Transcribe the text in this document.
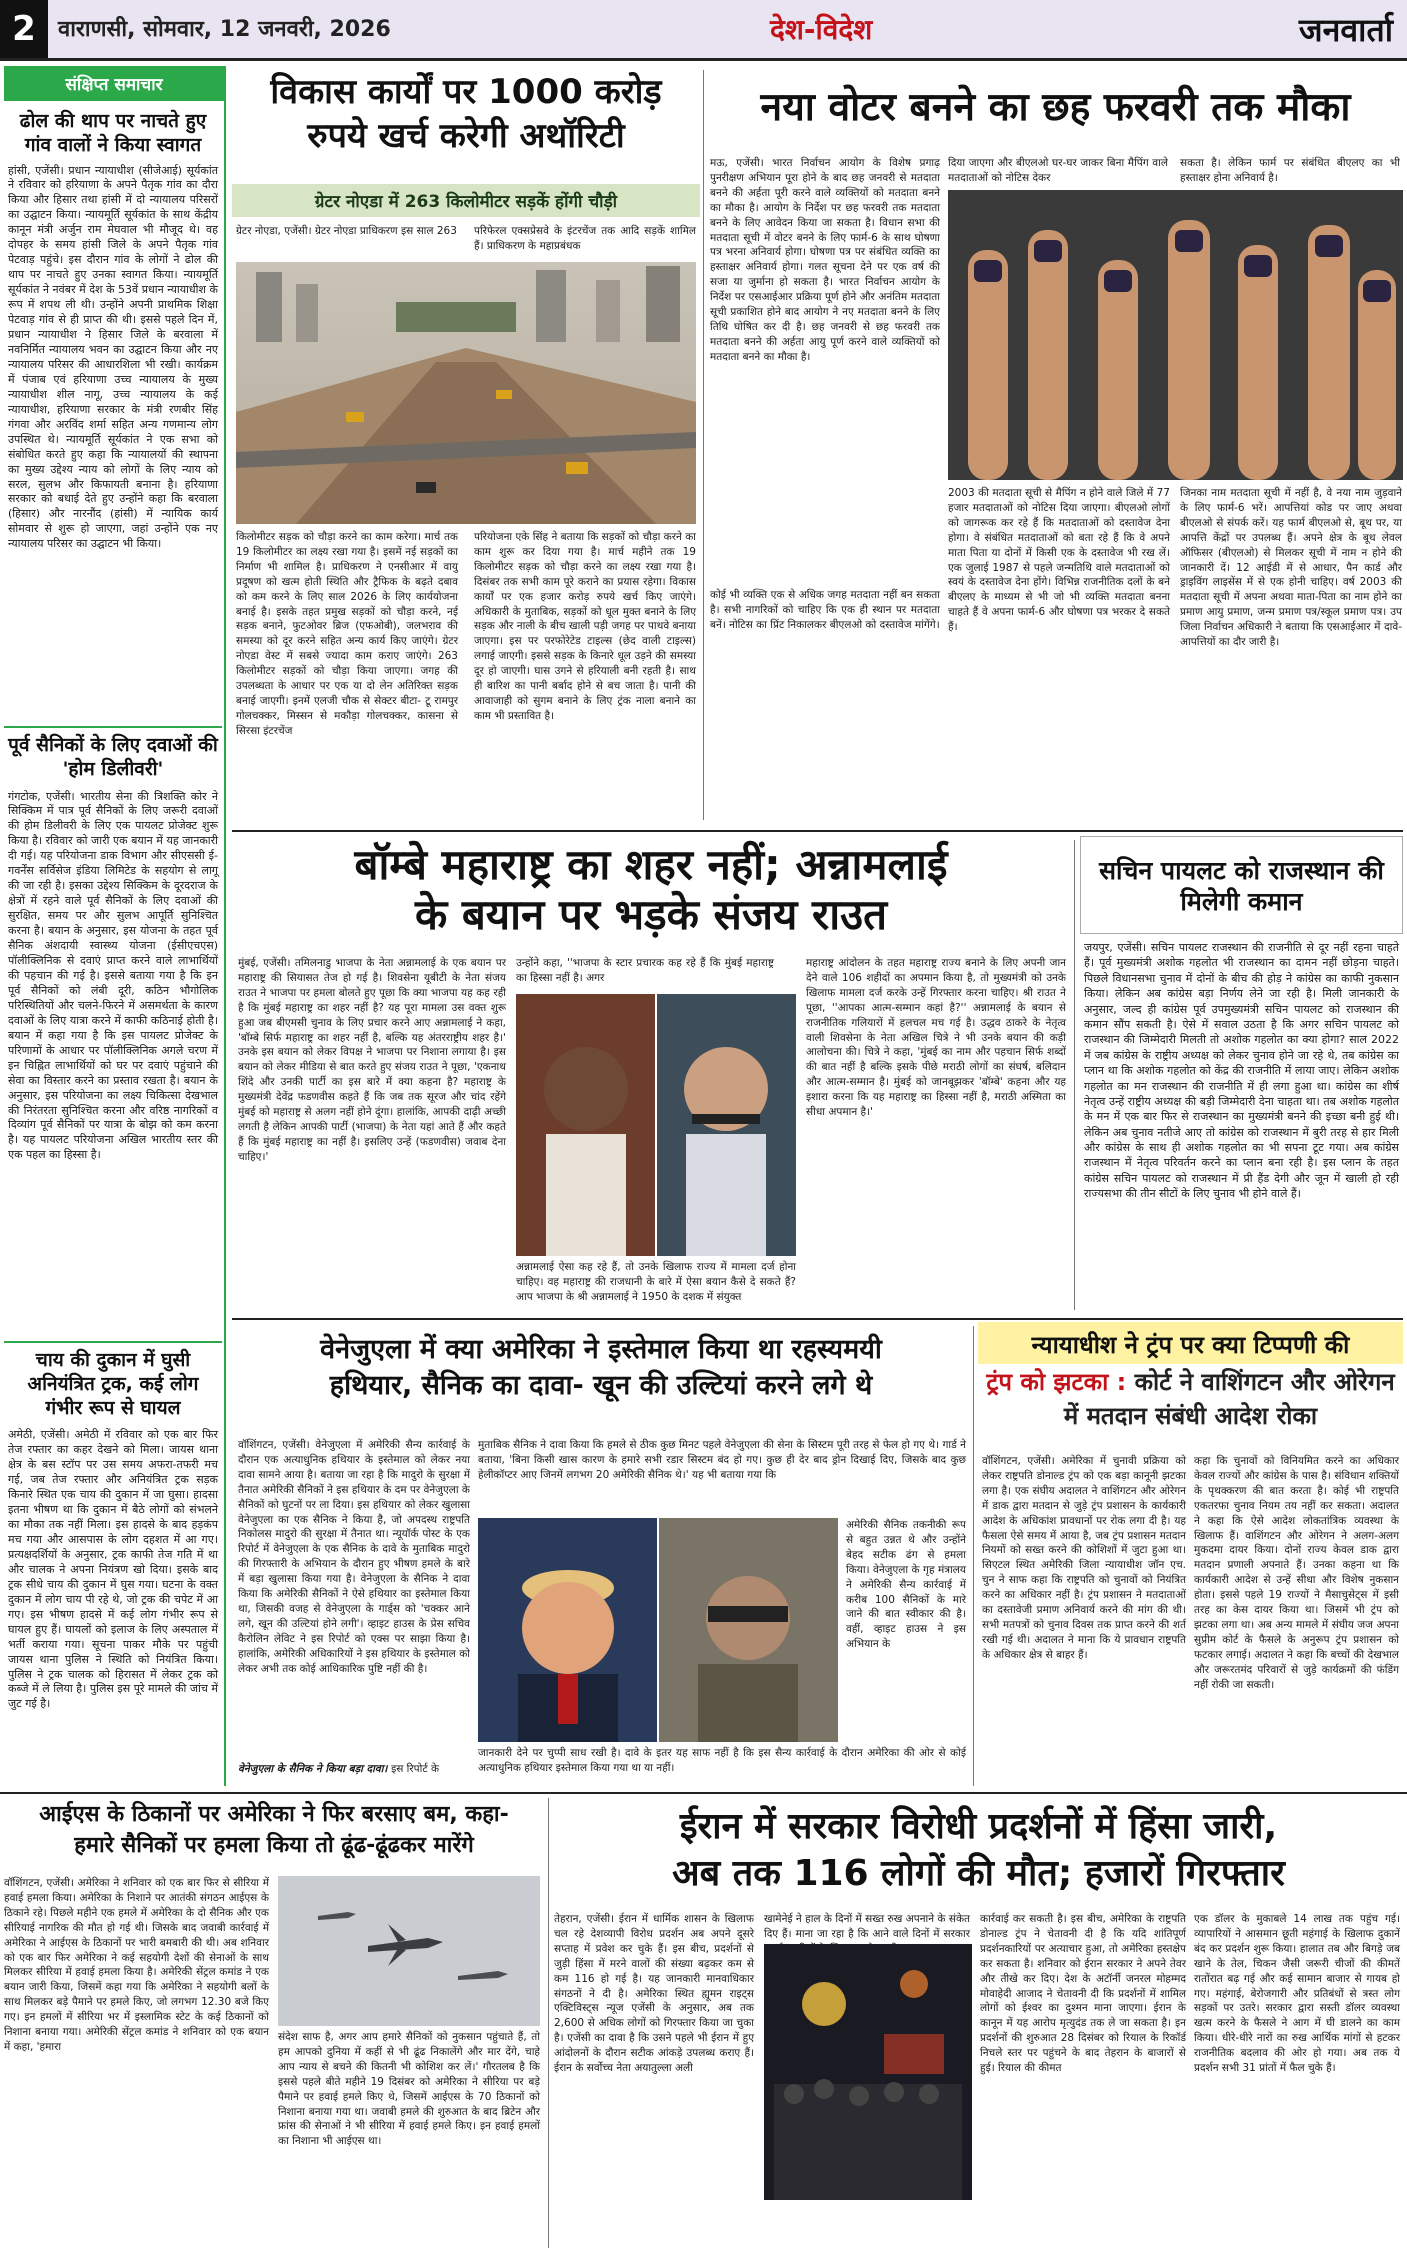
2	वाराणसी, सोमवार, 12 जनवरी, 2026	देश-विदेश	जनवार्ता
संक्षिप्त समाचार
ढोल की थाप पर नाचते हुए गांव वालों ने किया स्वागत
हांसी, एजेंसी। प्रधान न्यायाधीश (सीजेआई) सूर्यकांत ने रविवार को हरियाणा के अपने पैतृक गांव का दौरा किया और हिसार तथा हांसी में दो न्यायालय परिसरों का उद्घाटन किया। न्यायमूर्ति सूर्यकांत के साथ केंद्रीय कानून मंत्री अर्जुन राम मेघवाल भी मौजूद थे। वह दोपहर के समय हांसी जिले के अपने पैतृक गांव पेटवाड़ पहुंचे। इस दौरान गांव के लोगों ने ढोल की थाप पर नाचते हुए उनका स्वागत किया। न्यायमूर्ति सूर्यकांत ने नवंबर में देश के 53वें प्रधान न्यायाधीश के रूप में शपथ ली थी। उन्होंने अपनी प्राथमिक शिक्षा पेटवाड़ गांव से ही प्राप्त की थी। इससे पहले दिन में, प्रधान न्यायाधीश ने हिसार जिले के बरवाला में नवनिर्मित न्यायालय भवन का उद्घाटन किया और नए न्यायालय परिसर की आधारशिला भी रखी। कार्यक्रम में पंजाब एवं हरियाणा उच्च न्यायालय के मुख्य न्यायाधीश शील नागू, उच्च न्यायालय के कई न्यायाधीश, हरियाणा सरकार के मंत्री रणबीर सिंह गंगवा और अरविंद शर्मा सहित अन्य गणमान्य लोग उपस्थित थे। न्यायमूर्ति सूर्यकांत ने एक सभा को संबोधित करते हुए कहा कि न्यायालयों की स्थापना का मुख्य उद्देश्य न्याय को लोगों के लिए न्याय को सरल, सुलभ और किफायती बनाना है। हरियाणा सरकार को बधाई देते हुए उन्होंने कहा कि बरवाला (हिसार) और नारनौंद (हांसी) में न्यायिक कार्य सोमवार से शुरू हो जाएगा, जहां उन्होंने एक नए न्यायालय परिसर का उद्घाटन भी किया।
पूर्व सैनिकों के लिए दवाओं की 'होम डिलीवरी'
गंगटोक, एजेंसी। भारतीय सेना की त्रिशक्ति कोर ने सिक्किम में पात्र पूर्व सैनिकों के लिए जरूरी दवाओं की होम डिलीवरी के लिए एक पायलट प्रोजेक्ट शुरू किया है। रविवार को जारी एक बयान में यह जानकारी दी गई। यह परियोजना डाक विभाग और सीएससी ई-गवर्नेंस सर्विसेज इंडिया लिमिटेड के सहयोग से लागू की जा रही है। इसका उद्देश्य सिक्किम के दूरदराज के क्षेत्रों में रहने वाले पूर्व सैनिकों के लिए दवाओं की सुरक्षित, समय पर और सुलभ आपूर्ति सुनिश्चित करना है। बयान के अनुसार, इस योजना के तहत पूर्व सैनिक अंशदायी स्वास्थ्य योजना (ईसीएचएस) पॉलीक्लिनिक से दवाएं प्राप्त करने वाले लाभार्थियों की पहचान की गई है। इससे बताया गया है कि इन पूर्व सैनिकों को लंबी दूरी, कठिन भौगोलिक परिस्थितियों और चलने-फिरने में असमर्थता के कारण दवाओं के लिए यात्रा करने में काफी कठिनाई होती है। बयान में कहा गया है कि इस पायलट प्रोजेक्ट के परिणामों के आधार पर पॉलीक्लिनिक अगले चरण में इन चिह्नित लाभार्थियों को घर पर दवाएं पहुंचाने की सेवा का विस्तार करने का प्रस्ताव रखता है। बयान के अनुसार, इस परियोजना का लक्ष्य चिकित्सा देखभाल की निरंतरता सुनिश्चित करना और वरिष्ठ नागरिकों व दिव्यांग पूर्व सैनिकों पर यात्रा के बोझ को कम करना है। यह पायलट परियोजना अखिल भारतीय स्तर की एक पहल का हिस्सा है।
चाय की दुकान में घुसी अनियंत्रित ट्रक, कई लोग गंभीर रूप से घायल
अमेठी, एजेंसी। अमेठी में रविवार को एक बार फिर तेज रफ्तार का कहर देखने को मिला। जायस थाना क्षेत्र के बस स्टॉप पर उस समय अफरा-तफरी मच गई, जब तेज रफ्तार और अनियंत्रित ट्रक सड़क किनारे स्थित एक चाय की दुकान में जा घुसा। हादसा इतना भीषण था कि दुकान में बैठे लोगों को संभलने का मौका तक नहीं मिला। इस हादसे के बाद हड़कंप मच गया और आसपास के लोग दहशत में आ गए। प्रत्यक्षदर्शियों के अनुसार, ट्रक काफी तेज गति में था और चालक ने अपना नियंत्रण खो दिया। इसके बाद ट्रक सीधे चाय की दुकान में घुस गया। घटना के वक्त दुकान में लोग चाय पी रहे थे, जो ट्रक की चपेट में आ गए। इस भीषण हादसे में कई लोग गंभीर रूप से घायल हुए हैं। घायलों को इलाज के लिए अस्पताल में भर्ती कराया गया। सूचना पाकर मौके पर पहुंची जायस थाना पुलिस ने स्थिति को नियंत्रित किया। पुलिस ने ट्रक चालक को हिरासत में लेकर ट्रक को कब्जे में ले लिया है। पुलिस इस पूरे मामले की जांच में जुट गई है।
विकास कार्यों पर 1000 करोड़ रुपये खर्च करेगी अथॉरिटी
ग्रेटर नोएडा में 263 किलोमीटर सड़कें होंगी चौड़ी
ग्रेटर नोएडा, एजेंसी। ग्रेटर नोएडा प्राधिकरण इस साल 263 परिफेरल एक्सप्रेसवे के इंटरचेंज तक आदि सड़कें शामिल हैं। प्राधिकरण के महाप्रबंधक
किलोमीटर सड़क को चौड़ा करने का काम करेगा। मार्च तक 19 किलोमीटर का लक्ष्य रखा गया है। इसमें नई सड़कों का निर्माण भी शामिल है। प्राधिकरण ने एनसीआर में वायु प्रदूषण को खत्म होती स्थिति और ट्रैफिक के बढ़ते दबाव को कम करने के लिए साल 2026 के लिए कार्ययोजना बनाई है। इसके तहत प्रमुख सड़कों को चौड़ा करने, नई सड़क बनाने, फुटओवर ब्रिज (एफओबी), जलभराव की समस्या को दूर करने सहित अन्य कार्य किए जाएंगे। ग्रेटर नोएडा वेस्ट में सबसे ज्यादा काम कराए जाएंगे। 263 किलोमीटर सड़कों को चौड़ा किया जाएगा। जगह की उपलब्धता के आधार पर एक या दो लेन अतिरिक्त सड़क बनाई जाएगी। इनमें एलजी चौक से सेक्टर बीटा- टू रामपुर गोलचक्कर, मिस्सन से मकौड़ा गोलचक्कर, कासना से सिरसा इंटरचेंज
परियोजना एके सिंह ने बताया कि सड़कों को चौड़ा करने का काम शुरू कर दिया गया है। मार्च महीने तक 19 किलोमीटर सड़क को चौड़ा करने का लक्ष्य रखा गया है। दिसंबर तक सभी काम पूरे कराने का प्रयास रहेगा। विकास कार्यों पर एक हजार करोड़ रुपये खर्च किए जाएंगे। अधिकारी के मुताबिक, सड़कों को धूल मुक्त बनाने के लिए सड़क और नाली के बीच खाली पड़ी जगह पर पाथवे बनाया जाएगा। इस पर परफोरेटेड टाइल्स (छेद वाली टाइल्स) लगाई जाएगी। इससे सड़क के किनारे धूल उड़ने की समस्या दूर हो जाएगी। घास उगने से हरियाली बनी रहती है। साथ ही बारिश का पानी बर्बाद होने से बच जाता है। पानी की आवाजाही को सुगम बनाने के लिए ट्रंक नाला बनाने का काम भी प्रस्तावित है।
नया वोटर बनने का छह फरवरी तक मौका
मऊ, एजेंसी। भारत निर्वाचन आयोग के विशेष प्रगाढ़ पुनरीक्षण अभियान पूरा होने के बाद छह जनवरी से मतदाता बनने की अर्हता पूरी करने वाले व्यक्तियों को मतदाता बनने का मौका है। आयोग के निर्देश पर छह फरवरी तक मतदाता बनने के लिए आवेदन किया जा सकता है। विधान सभा की मतदाता सूची में वोटर बनने के लिए फार्म-6 के साथ घोषणा पत्र भरना अनिवार्य होगा। घोषणा पत्र पर संबंधित व्यक्ति का हस्ताक्षर अनिवार्य होगा। गलत सूचना देने पर एक वर्ष की सजा या जुर्माना हो सकता है। भारत निर्वाचन आयोग के निर्देश पर एसआईआर प्रक्रिया पूर्ण होने और अनंतिम मतदाता सूची प्रकाशित होने बाद आयोग ने नए मतदाता बनने के लिए तिथि घोषित कर दी है। छह जनवरी से छह फरवरी तक मतदाता बनने की अर्हता आयु पूर्ण करने वाले व्यक्तियों को मतदाता बनने का मौका है।
दिया जाएगा और बीएलओ घर-घर जाकर बिना मैपिंग वाले मतदाताओं को नोटिस देकर
सकता है। लेकिन फार्म पर संबंधित बीएलए का भी हस्ताक्षर होना अनिवार्य है।
कोई भी व्यक्ति एक से अधिक जगह मतदाता नहीं बन सकता है। सभी नागरिकों को चाहिए कि एक ही स्थान पर मतदाता बनें। नोटिस का प्रिंट निकालकर बीएलओ को दस्तावेज मांगेंगे।
2003 की मतदाता सूची से मैपिंग न होने वाले जिले में 77 हजार मतदाताओं को नोटिस दिया जाएगा। बीएलओ लोगों को जागरूक कर रहे हैं कि मतदाताओं को दस्तावेज देना होगा। वे संबंधित मतदाताओं को बता रहे हैं कि वे अपने माता पिता या दोनों में किसी एक के दस्तावेज भी रख लें। एक जुलाई 1987 से पहले जन्मतिथि वाले मतदाताओं को स्वयं के दस्तावेज देना होंगे। विभिन्न राजनीतिक दलों के बने बीएलए के माध्यम से भी जो भी व्यक्ति मतदाता बनना चाहते हैं वे अपना फार्म-6 और घोषणा पत्र भरकर दे सकते हैं।
जिनका नाम मतदाता सूची में नहीं है, वे नया नाम जुड़वाने के लिए फार्म-6 भरें। आपत्तियां कोड पर जाए अथवा बीएलओ से संपर्क करें। यह फार्म बीएलओ से, बूथ पर, या आपत्ति केंद्रों पर उपलब्ध हैं। अपने क्षेत्र के बूथ लेवल ऑफिसर (बीएलओ) से मिलकर सूची में नाम न होने की जानकारी दें। 12 आईडी में से आधार, पैन कार्ड और ड्राइविंग लाइसेंस में से एक होनी चाहिए। वर्ष 2003 की मतदाता सूची में अपना अथवा माता-पिता का नाम होने का प्रमाण आयु प्रमाण, जन्म प्रमाण पत्र/स्कूल प्रमाण पत्र। उप जिला निर्वाचन अधिकारी ने बताया कि एसआईआर में दावे-आपत्तियों का दौर जारी है।
बॉम्बे महाराष्ट्र का शहर नहीं; अन्नामलाई
के बयान पर भड़के संजय राउत
मुंबई, एजेंसी। तमिलनाडु भाजपा के नेता अन्नामलाई के एक बयान पर महाराष्ट्र की सियासत तेज हो गई है। शिवसेना यूबीटी के नेता संजय राउत ने भाजपा पर हमला बोलते हुए पूछा कि क्या भाजपा यह कह रही है कि मुंबई महाराष्ट्र का शहर नहीं है? यह पूरा मामला उस वक्त शुरू हुआ जब बीएमसी चुनाव के लिए प्रचार करने आए अन्नामलाई ने कहा, 'बॉम्बे सिर्फ महाराष्ट्र का शहर नहीं है, बल्कि यह अंतरराष्ट्रीय शहर है।' उनके इस बयान को लेकर विपक्ष ने भाजपा पर निशाना लगाया है। इस बयान को लेकर मीडिया से बात करते हुए संजय राउत ने पूछा, 'एकनाथ शिंदे और उनकी पार्टी का इस बारे में क्या कहना है? महाराष्ट्र के मुख्यमंत्री देवेंद्र फडणवीस कहते हैं कि जब तक सूरज और चांद रहेंगे मुंबई को महाराष्ट्र से अलग नहीं होने दूंगा। हालांकि, आपकी दाढ़ी अच्छी लगती है लेकिन आपकी पार्टी (भाजपा) के नेता यहां आते हैं और कहते हैं कि मुंबई महाराष्ट्र का नहीं है। इसलिए उन्हें (फडणवीस) जवाब देना चाहिए।'
उन्होंने कहा, ''भाजपा के स्टार प्रचारक कह रहे हैं कि मुंबई महाराष्ट्र का हिस्सा नहीं है। अगर
महाराष्ट्र आंदोलन के तहत महाराष्ट्र राज्य बनाने के लिए अपनी जान देने वाले 106 शहीदों का अपमान किया है, तो मुख्यमंत्री को उनके खिलाफ मामला दर्ज करके उन्हें गिरफ्तार करना चाहिए। श्री राउत ने पूछा, ''आपका आत्म-सम्मान कहां है?'' अन्नामलाई के बयान से राजनीतिक गलियारों में हलचल मच गई है। उद्धव ठाकरे के नेतृत्व वाली शिवसेना के नेता अखिल चित्रे ने भी उनके बयान की कड़ी आलोचना की। चित्रे ने कहा, 'मुंबई का नाम और पहचान सिर्फ शब्दों की बात नहीं है बल्कि इसके पीछे मराठी लोगों का संघर्ष, बलिदान और आत्म-सम्मान है। मुंबई को जानबूझकर 'बॉम्बे' कहना और यह इशारा करना कि यह महाराष्ट्र का हिस्सा नहीं है, मराठी अस्मिता का सीधा अपमान है।'
अन्नामलाई ऐसा कह रहे हैं, तो उनके खिलाफ राज्य में मामला दर्ज होना चाहिए। वह महाराष्ट्र की राजधानी के बारे में ऐसा बयान कैसे दे सकते हैं? आप भाजपा के श्री अन्नामलाई ने 1950 के दशक में संयुक्त
सचिन पायलट को राजस्थान की मिलेगी कमान
जयपुर, एजेंसी। सचिन पायलट राजस्थान की राजनीति से दूर नहीं रहना चाहते हैं। पूर्व मुख्यमंत्री अशोक गहलोत भी राजस्थान का दामन नहीं छोड़ना चाहते। पिछले विधानसभा चुनाव में दोनों के बीच की होड़ ने कांग्रेस का काफी नुकसान किया। लेकिन अब कांग्रेस बड़ा निर्णय लेने जा रही है। मिली जानकारी के अनुसार, जल्द ही कांग्रेस पूर्व उपमुख्यमंत्री सचिन पायलट को राजस्थान की कमान सौंप सकती है। ऐसे में सवाल उठता है कि अगर सचिन पायलट को राजस्थान की जिम्मेदारी मिलती तो अशोक गहलोत का क्या होगा? साल 2022 में जब कांग्रेस के राष्ट्रीय अध्यक्ष को लेकर चुनाव होने जा रहे थे, तब कांग्रेस का प्लान था कि अशोक गहलोत को केंद्र की राजनीति में लाया जाए। लेकिन अशोक गहलोत का मन राजस्थान की राजनीति में ही लगा हुआ था। कांग्रेस का शीर्ष नेतृत्व उन्हें राष्ट्रीय अध्यक्ष की बड़ी जिम्मेदारी देना चाहता था। तब अशोक गहलोत के मन में एक बार फिर से राजस्थान का मुख्यमंत्री बनने की इच्छा बनी हुई थी। लेकिन अब चुनाव नतीजे आए तो कांग्रेस को राजस्थान में बुरी तरह से हार मिली और कांग्रेस के साथ ही अशोक गहलोत का भी सपना टूट गया। अब कांग्रेस राजस्थान में नेतृत्व परिवर्तन करने का प्लान बना रही है। इस प्लान के तहत कांग्रेस सचिन पायलट को राजस्थान में प्री हैंड देगी और जून में खाली हो रही राज्यसभा की तीन सीटों के लिए चुनाव भी होने वाले हैं।
वेनेजुएला में क्या अमेरिका ने इस्तेमाल किया था रहस्यमयी
हथियार, सैनिक का दावा- खून की उल्टियां करने लगे थे
वॉशिंगटन, एजेंसी। वेनेजुएला में अमेरिकी सैन्य कार्रवाई के दौरान एक अत्याधुनिक हथियार के इस्तेमाल को लेकर नया दावा सामने आया है। बताया जा रहा है कि मादुरो के सुरक्षा में तैनात अमेरिकी सैनिकों ने इस हथियार के दम पर वेनेजुएला के सैनिकों को घुटनों पर ला दिया। इस हथियार को लेकर खुलासा वेनेजुएला का एक सैनिक ने किया है, जो अपदस्थ राष्ट्रपति निकोलस मादुरो की सुरक्षा में तैनात था। न्यूयॉर्क पोस्ट के एक रिपोर्ट में वेनेजुएला के एक सैनिक के दावे के मुताबिक मादुरो की गिरफ्तारी के अभियान के दौरान हुए भीषण हमले के बारे में बड़ा खुलासा किया गया है। वेनेजुएला के सैनिक ने दावा किया कि अमेरिकी सैनिकों ने ऐसे हथियार का इस्तेमाल किया था, जिसकी वजह से वेनेजुएला के गार्ड्स को 'चक्कर आने लगे, खून की उल्टियां होने लगी'। व्हाइट हाउस के प्रेस सचिव कैरोलिन लेविट ने इस रिपोर्ट को एक्स पर साझा किया है। हालांकि, अमेरिकी अधिकारियों ने इस हथियार के इस्तेमाल को लेकर अभी तक कोई आधिकारिक पुष्टि नहीं की है।
मुताबिक सैनिक ने दावा किया कि हमले से ठीक कुछ मिनट पहले वेनेजुएला की सेना के सिस्टम पूरी तरह से फेल हो गए थे। गार्ड ने बताया, 'बिना किसी खास कारण के हमारे सभी रडार सिस्टम बंद हो गए। कुछ ही देर बाद ड्रोन दिखाई दिए, जिसके बाद कुछ हेलीकॉप्टर आए जिनमें लगभग 20 अमेरिकी सैनिक थे।' यह भी बताया गया कि
अमेरिकी सैनिक तकनीकी रूप से बहुत उन्नत थे और उन्होंने बेहद सटीक ढंग से हमला किया। वेनेजुएला के गृह मंत्रालय ने अमेरिकी सैन्य कार्रवाई में करीब 100 सैनिकों के मारे जाने की बात स्वीकार की है। वहीं, व्हाइट हाउस ने इस अभियान के
वेनेजुएला के सैनिक ने किया बड़ा दावा। इस रिपोर्ट के
जानकारी देने पर चुप्पी साध रखी है। दावे के इतर यह साफ नहीं है कि इस सैन्य कार्रवाई के दौरान अमेरिका की ओर से कोई अत्याधुनिक हथियार इस्तेमाल किया गया था या नहीं।
न्यायाधीश ने ट्रंप पर क्या टिप्पणी की
ट्रंप को झटका : कोर्ट ने वाशिंगटन और ओरेगन में मतदान संबंधी आदेश रोका
वॉशिंगटन, एजेंसी। अमेरिका में चुनावी प्रक्रिया को लेकर राष्ट्रपति डोनाल्ड ट्रंप को एक बड़ा कानूनी झटका लगा है। एक संघीय अदालत ने वाशिंगटन और ओरेगन में डाक द्वारा मतदान से जुड़े ट्रंप प्रशासन के कार्यकारी आदेश के अधिकांश प्रावधानों पर रोक लगा दी है। यह फैसला ऐसे समय में आया है, जब ट्रंप प्रशासन मतदान नियमों को सख्त करने की कोशिशों में जुटा हुआ था। सिएटल स्थित अमेरिकी जिला न्यायाधीश जॉन एच. चुन ने साफ कहा कि राष्ट्रपति को चुनावों को नियंत्रित करने का अधिकार नहीं है। ट्रंप प्रशासन ने मतदाताओं का दस्तावेजी प्रमाण अनिवार्य करने की मांग की थी। सभी मतपत्रों को चुनाव दिवस तक प्राप्त करने की शर्त रखी गई थी। अदालत ने माना कि ये प्रावधान राष्ट्रपति के अधिकार क्षेत्र से बाहर हैं।
कहा कि चुनावों को विनियमित करने का अधिकार केवल राज्यों और कांग्रेस के पास है। संविधान शक्तियों के पृथक्करण की बात करता है। कोई भी राष्ट्रपति एकतरफा चुनाव नियम तय नहीं कर सकता। अदालत ने कहा कि ऐसे आदेश लोकतांत्रिक व्यवस्था के खिलाफ हैं। वाशिंगटन और ओरेगन ने अलग-अलग मुकदमा दायर किया। दोनों राज्य केवल डाक द्वारा मतदान प्रणाली अपनाते हैं। उनका कहना था कि कार्यकारी आदेश से उन्हें सीधा और विशेष नुकसान होता। इससे पहले 19 राज्यों ने मैसाचुसेट्स में इसी तरह का केस दायर किया था। जिसमें भी ट्रंप को झटका लगा था। अब अन्य मामले में संघीय जज अपना सुप्रीम कोर्ट के फैसले के अनुरूप ट्रंप प्रशासन को फटकार लगाई। अदालत ने कहा कि बच्चों की देखभाल और जरूरतमंद परिवारों से जुड़े कार्यक्रमों की फंडिंग नहीं रोकी जा सकती।
आईएस के ठिकानों पर अमेरिका ने फिर बरसाए बम, कहा-
हमारे सैनिकों पर हमला किया तो ढूंढ-ढूंढकर मारेंगे
वॉशिंगटन, एजेंसी। अमेरिका ने शनिवार को एक बार फिर से सीरिया में हवाई हमला किया। अमेरिका के निशाने पर आतंकी संगठन आईएस के ठिकाने रहे। पिछले महीने एक हमले में अमेरिका के दो सैनिक और एक सीरियाई नागरिक की मौत हो गई थी। जिसके बाद जवाबी कार्रवाई में अमेरिका ने आईएस के ठिकानों पर भारी बमबारी की थी। अब शनिवार को एक बार फिर अमेरिका ने कई सहयोगी देशों की सेनाओं के साथ मिलकर सीरिया में हवाई हमला किया है। अमेरिकी सेंट्रल कमांड ने एक बयान जारी किया, जिसमें कहा गया कि अमेरिका ने सहयोगी बलों के साथ मिलकर बड़े पैमाने पर हमले किए, जो लगभग 12.30 बजे किए गए। इन हमलों में सीरिया भर में इस्लामिक स्टेट के कई ठिकानों को निशाना बनाया गया। अमेरिकी सेंट्रल कमांड ने शनिवार को एक बयान में कहा, 'हमारा
संदेश साफ है, अगर आप हमारे सैनिकों को नुकसान पहुंचाते हैं, तो हम आपको दुनिया में कहीं से भी ढूंढ निकालेंगे और मार देंगे, चाहे आप न्याय से बचने की कितनी भी कोशिश कर लें।' गौरतलब है कि इससे पहले बीते महीने 19 दिसंबर को अमेरिका ने सीरिया पर बड़े पैमाने पर हवाई हमले किए थे, जिसमें आईएस के 70 ठिकानों को निशाना बनाया गया था। जवाबी हमले की शुरुआत के बाद ब्रिटेन और फ्रांस की सेनाओं ने भी सीरिया में हवाई हमले किए। इन हवाई हमलों का निशाना भी आईएस था।
ईरान में सरकार विरोधी प्रदर्शनों में हिंसा जारी,
अब तक 116 लोगों की मौत; हजारों गिरफ्तार
तेहरान, एजेंसी। ईरान में धार्मिक शासन के खिलाफ चल रहे देशव्यापी विरोध प्रदर्शन अब अपने दूसरे सप्ताह में प्रवेश कर चुके हैं। इस बीच, प्रदर्शनों से जुड़ी हिंसा में मरने वालों की संख्या बढ़कर कम से कम 116 हो गई है। यह जानकारी मानवाधिकार संगठनों ने दी है। अमेरिका स्थित ह्यूमन राइट्स एक्टिविस्ट्स न्यूज एजेंसी के अनुसार, अब तक 2,600 से अधिक लोगों को गिरफ्तार किया जा चुका है। एजेंसी का दावा है कि उसने पहले भी ईरान में हुए आंदोलनों के दौरान सटीक आंकड़े उपलब्ध कराए हैं। ईरान के सर्वोच्च नेता अयातुल्ला अली
खामेनेई ने हाल के दिनों में सख्त रुख अपनाने के संकेत दिए हैं। माना जा रहा है कि आने वाले दिनों में सरकार
कार्रवाई कर सकती है। इस बीच, अमेरिका के राष्ट्रपति डोनाल्ड ट्रंप ने चेतावनी दी है कि यदि शांतिपूर्ण प्रदर्शनकारियों पर अत्याचार हुआ, तो अमेरिका हस्तक्षेप कर सकता है। शनिवार को ईरान सरकार ने अपने तेवर और तीखे कर दिए। देश के अटॉर्नी जनरल मोहम्मद मोवाहेदी आजाद ने चेतावनी दी कि प्रदर्शनों में शामिल लोगों को ईश्वर का दुश्मन माना जाएगा। ईरान के कानून में यह आरोप मृत्युदंड तक ले जा सकता है। इन प्रदर्शनों की शुरुआत 28 दिसंबर को रियाल के रिकॉर्ड निचले स्तर पर पहुंचने के बाद तेहरान के बाजारों से हुई। रियाल की कीमत
एक डॉलर के मुकाबले 14 लाख तक पहुंच गई। व्यापारियों ने आसमान छूती महंगाई के खिलाफ दुकानें बंद कर प्रदर्शन शुरू किया। हालात तब और बिगड़े जब खाने के तेल, चिकन जैसी जरूरी चीजों की कीमतें रातोंरात बढ़ गई और कई सामान बाजार से गायब हो गए। महंगाई, बेरोजगारी और प्रतिबंधों से त्रस्त लोग सड़कों पर उतरे। सरकार द्वारा सस्ती डॉलर व्यवस्था खत्म करने के फैसले ने आग में घी डालने का काम किया। धीरे-धीरे नारों का रुख आर्थिक मांगों से हटकर राजनीतिक बदलाव की ओर हो गया। अब तक ये प्रदर्शन सभी 31 प्रांतों में फैल चुके हैं।
